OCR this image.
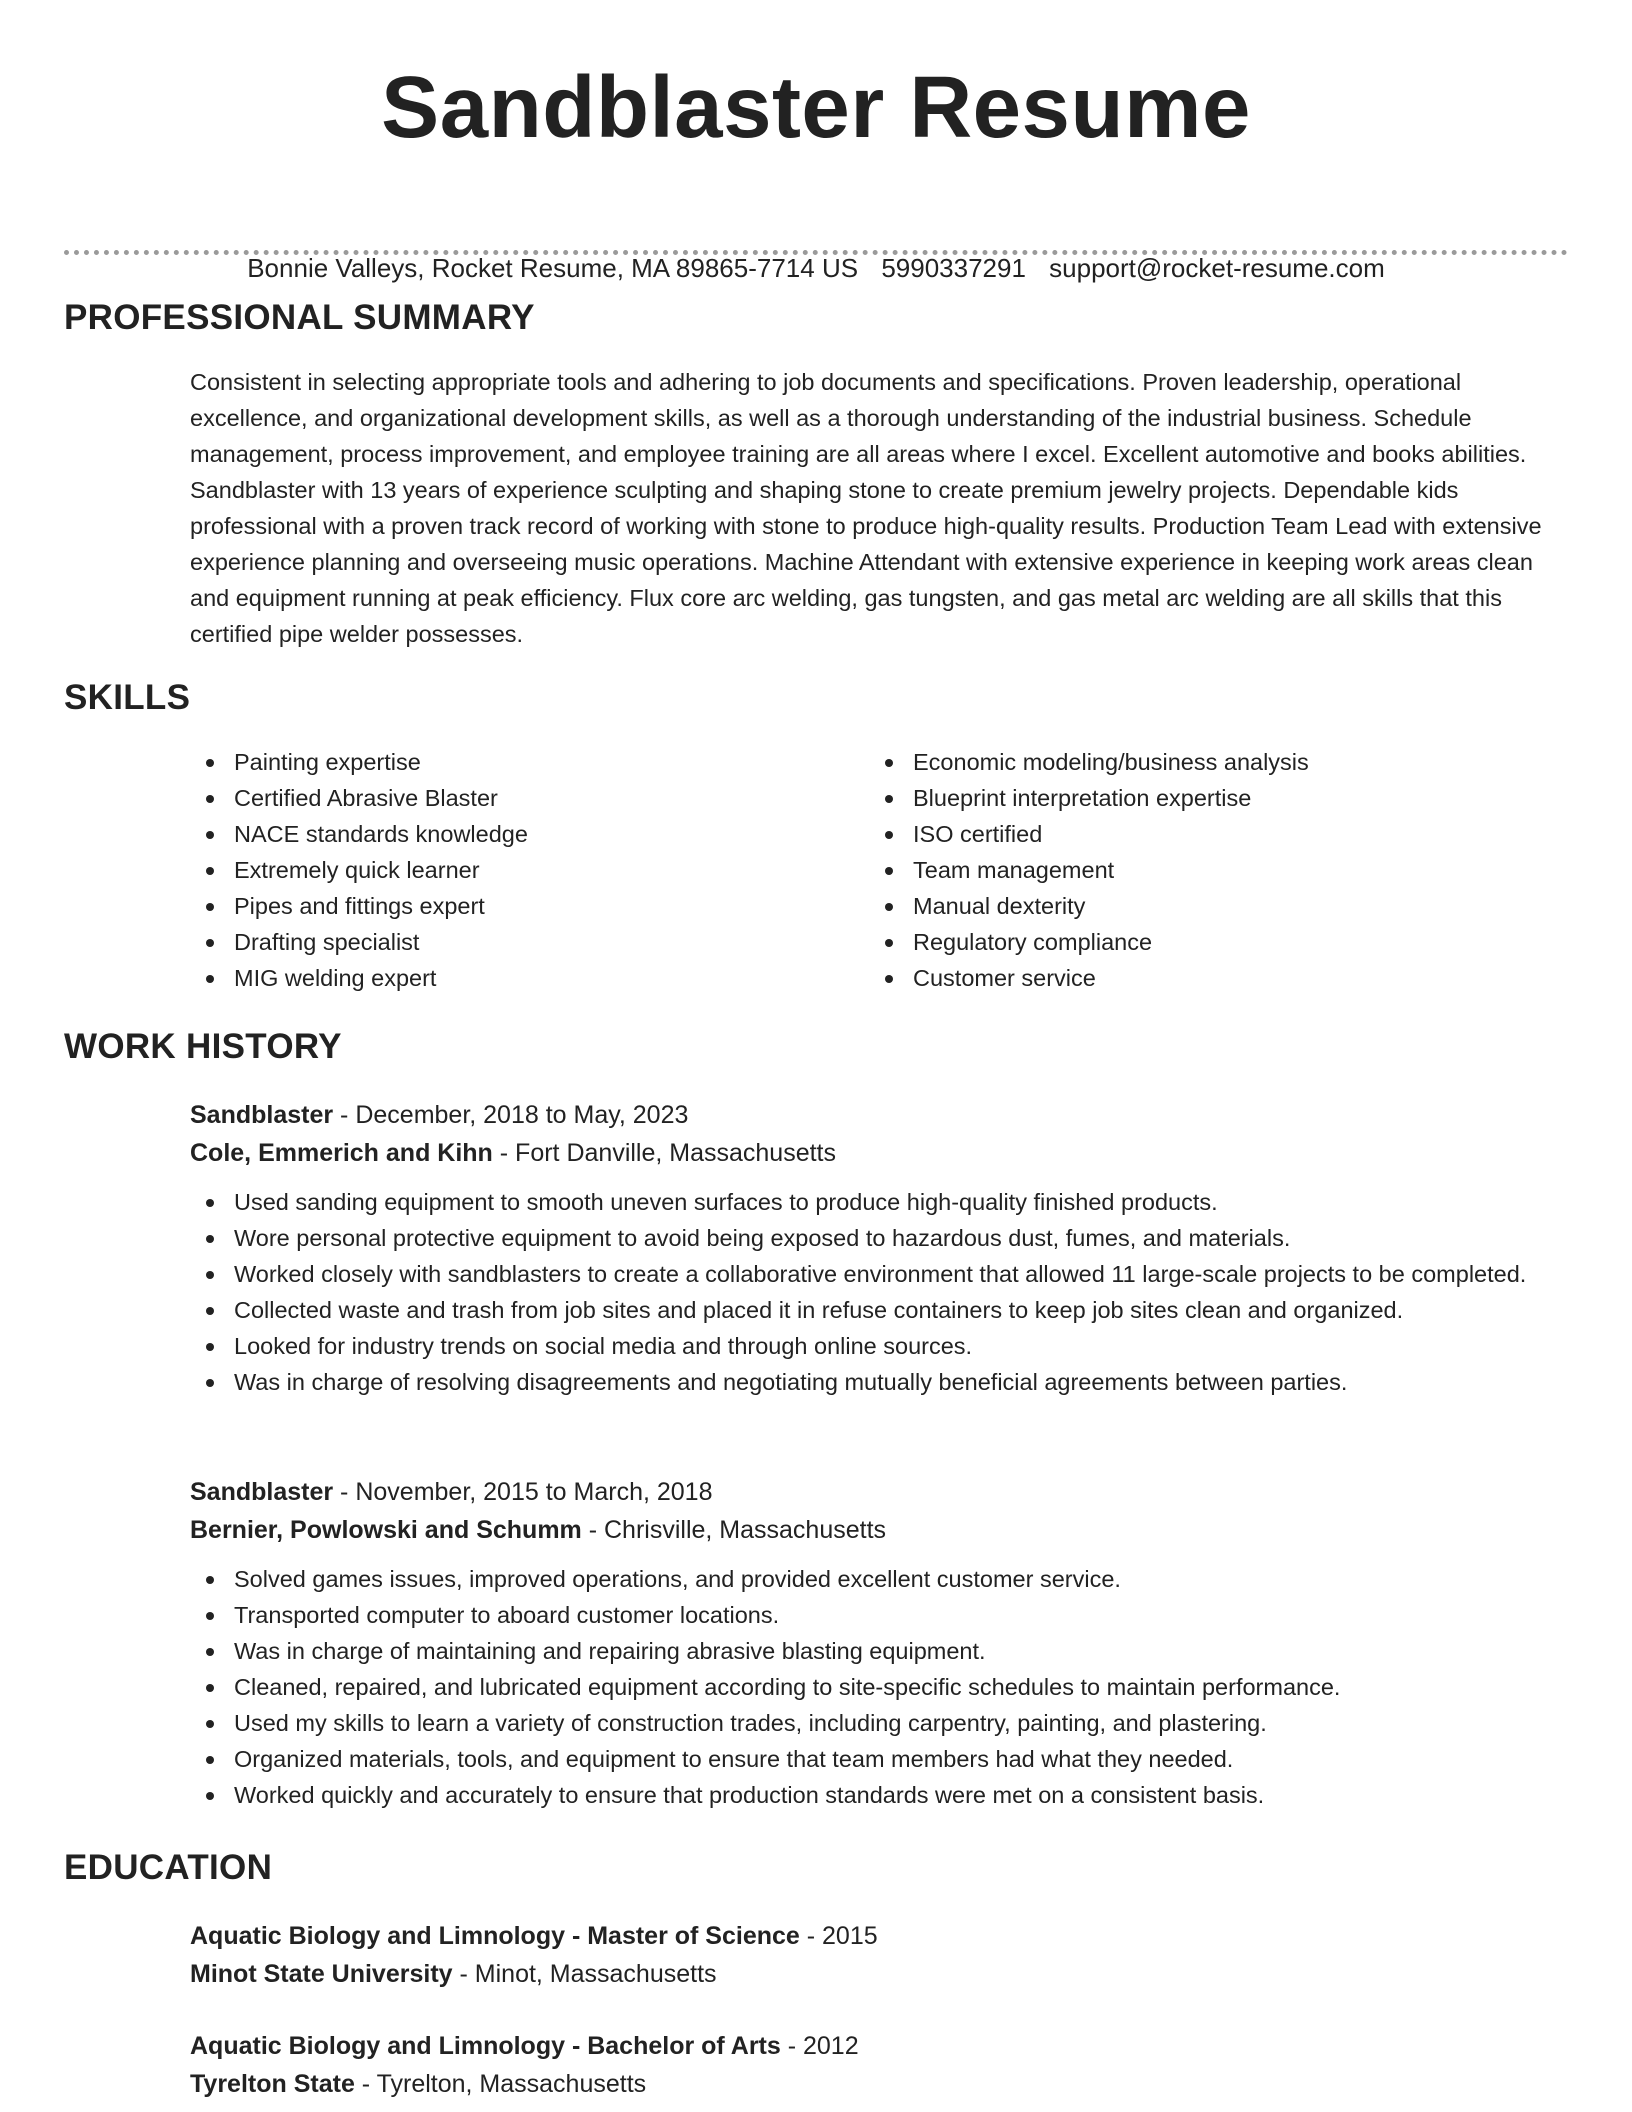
Sandblaster Resume
Bonnie Valleys, Rocket Resume, MA 89865-7714 US 5990337291 support@rocket-resume.com
PROFESSIONAL SUMMARY
Consistent in selecting appropriate tools and adhering to job documents and specifications. Proven leadership, operational excellence, and organizational development skills, as well as a thorough understanding of the industrial business. Schedule management, process improvement, and employee training are all areas where I excel. Excellent automotive and books abilities. Sandblaster with 13 years of experience sculpting and shaping stone to create premium jewelry projects. Dependable kids professional with a proven track record of working with stone to produce high-quality results. Production Team Lead with extensive experience planning and overseeing music operations. Machine Attendant with extensive experience in keeping work areas clean and equipment running at peak efficiency. Flux core arc welding, gas tungsten, and gas metal arc welding are all skills that this certified pipe welder possesses.
SKILLS
Painting expertise
Certified Abrasive Blaster
NACE standards knowledge
Extremely quick learner
Pipes and fittings expert
Drafting specialist
MIG welding expert
Economic modeling/business analysis
Blueprint interpretation expertise
ISO certified
Team management
Manual dexterity
Regulatory compliance
Customer service
WORK HISTORY
Sandblaster - December, 2018 to May, 2023
Cole, Emmerich and Kihn - Fort Danville, Massachusetts
Used sanding equipment to smooth uneven surfaces to produce high-quality finished products.
Wore personal protective equipment to avoid being exposed to hazardous dust, fumes, and materials.
Worked closely with sandblasters to create a collaborative environment that allowed 11 large-scale projects to be completed.
Collected waste and trash from job sites and placed it in refuse containers to keep job sites clean and organized.
Looked for industry trends on social media and through online sources.
Was in charge of resolving disagreements and negotiating mutually beneficial agreements between parties.
Sandblaster - November, 2015 to March, 2018
Bernier, Powlowski and Schumm - Chrisville, Massachusetts
Solved games issues, improved operations, and provided excellent customer service.
Transported computer to aboard customer locations.
Was in charge of maintaining and repairing abrasive blasting equipment.
Cleaned, repaired, and lubricated equipment according to site-specific schedules to maintain performance.
Used my skills to learn a variety of construction trades, including carpentry, painting, and plastering.
Organized materials, tools, and equipment to ensure that team members had what they needed.
Worked quickly and accurately to ensure that production standards were met on a consistent basis.
EDUCATION
Aquatic Biology and Limnology - Master of Science - 2015
Minot State University - Minot, Massachusetts
Aquatic Biology and Limnology - Bachelor of Arts - 2012
Tyrelton State - Tyrelton, Massachusetts
